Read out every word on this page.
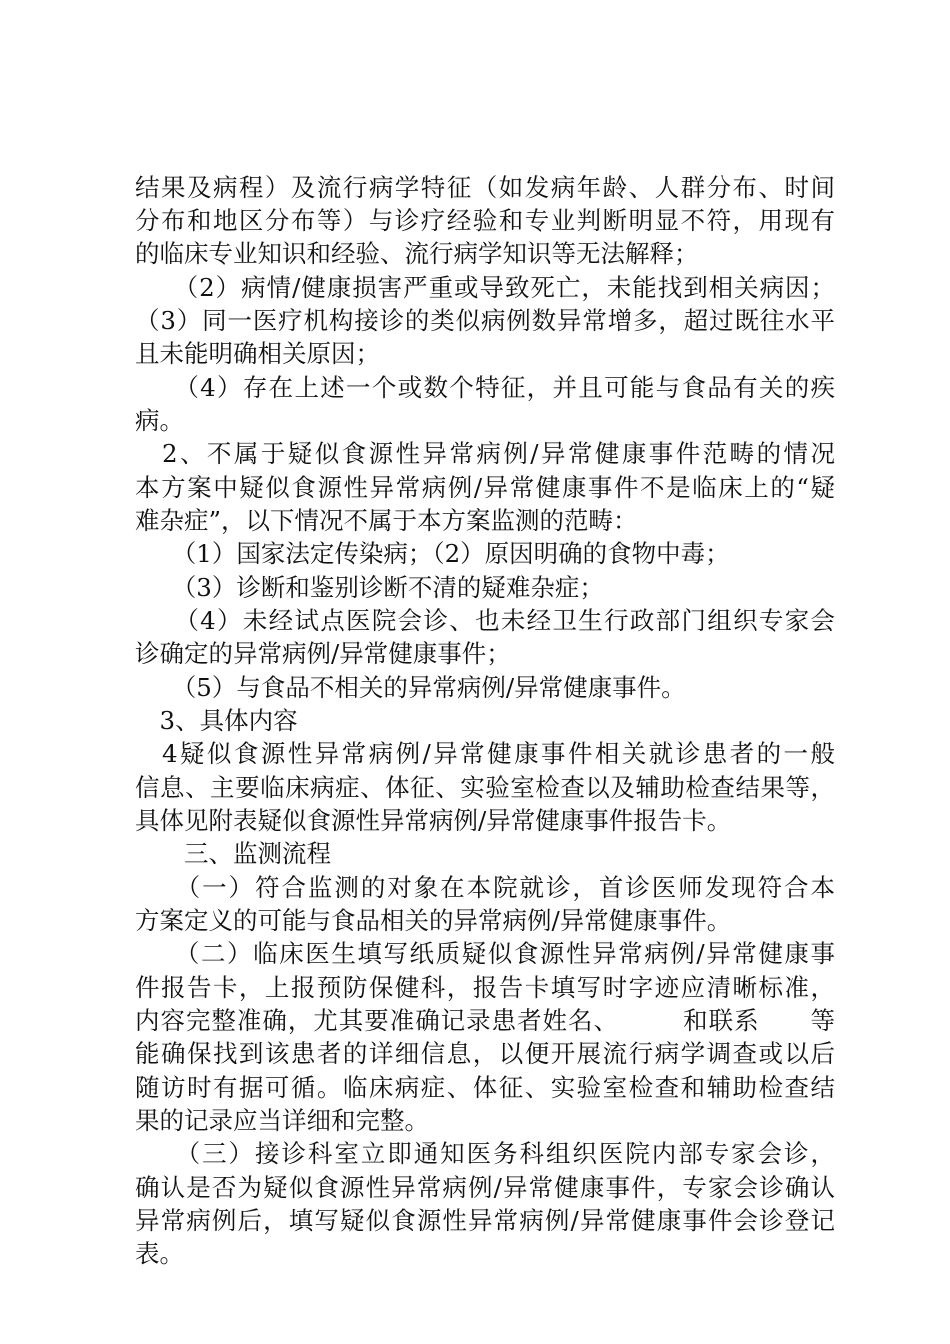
结果及病程）及流行病学特征（如发病年龄、人群分布、时间
分布和地区分布等）与诊疗经验和专业判断明显不符，用现有
的临床专业知识和经验、流行病学知识等无法解释；
　　（2）病情/健康损害严重或导致死亡，未能找到相关病因；
（3）同一医疗机构接诊的类似病例数异常增多，超过既往水平
且未能明确相关原因；
　　（4）存在上述一个或数个特征，并且可能与食品有关的疾
病。
　2、不属于疑似食源性异常病例/异常健康事件范畴的情况
本方案中疑似食源性异常病例/异常健康事件不是临床上的“疑
难杂症”，以下情况不属于本方案监测的范畴：
　　（1）国家法定传染病；（2）原因明确的食物中毒；
　　（3）诊断和鉴别诊断不清的疑难杂症；
　　（4）未经试点医院会诊、也未经卫生行政部门组织专家会
诊确定的异常病例/异常健康事件；
　　（5）与食品不相关的异常病例/异常健康事件。
　3、具体内容
　4疑似食源性异常病例/异常健康事件相关就诊患者的一般
信息、主要临床病症、体征、实验室检查以及辅助检查结果等，
具体见附表疑似食源性异常病例/异常健康事件报告卡。
　　三、监测流程
　　（一）符合监测的对象在本院就诊，首诊医师发现符合本
方案定义的可能与食品相关的异常病例/异常健康事件。
　　（二）临床医生填写纸质疑似食源性异常病例/异常健康事
件报告卡，上报预防保健科，报告卡填写时字迹应清晰标准，
内容完整准确，尤其要准确记录患者姓名、　　　和联系　　等
能确保找到该患者的详细信息，以便开展流行病学调查或以后
随访时有据可循。临床病症、体征、实验室检查和辅助检查结
果的记录应当详细和完整。
　　（三）接诊科室立即通知医务科组织医院内部专家会诊，
确认是否为疑似食源性异常病例/异常健康事件，专家会诊确认
异常病例后，填写疑似食源性异常病例/异常健康事件会诊登记
表。
